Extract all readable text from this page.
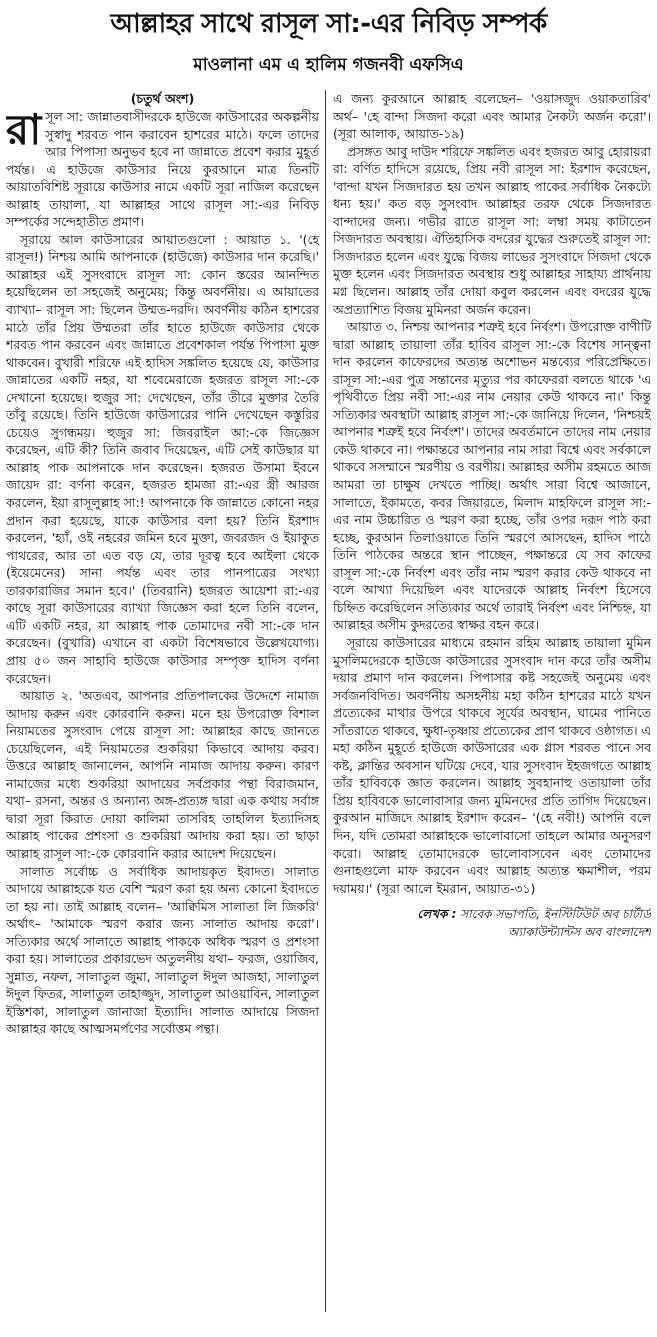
আল্লাহর সাথে রাসূল সা:-এর নিবিড় সম্পর্ক
মাওলানা এম এ হালিম গজনবী এফসিএ
(চতুর্থ অংশ)

রাসূল সা: জান্নাতবাসীদরকে হাউজে কাউসারের অকল্পনীয় সুস্বাদু শরবত পান করাবেন হাশরের মাঠে। ফলে তাদের আর পিপাসা অনুভব হবে না জান্নাতে প্রবেশ করার মুহূর্ত পর্যন্ত। এ হাউজে কাউসার নিয়ে কুরআনে মাত্র তিনটি আয়াতবিশিষ্ট সূরায়ে কাউসার নামে একটি সূরা নাজিল করেছেন আল্লাহ তায়ালা, যা আল্লাহর সাথে রাসূল সা:-এর নিবিড় সম্পর্কের সন্দেহাতীত প্রমাণ।

সূরায়ে আল কাউসারের আয়াতগুলো : আয়াত ১. '(হে রাসূল!) নিশ্চয় আমি আপনাকে (হাউজে) কাউসার দান করেছি।' আল্লাহর এই সুসংবাদে রাসূল সা: কোন স্তরের আনন্দিত হয়েছিলেন তা সহজেই অনুমেয়; কিন্তু অবর্ণনীয়। এ আয়াতের ব্যাখ্যা– রাসূল সা: ছিলেন উম্মত-দরদি। অবর্ণনীয় কঠিন হাশরের মাঠে তাঁর প্রিয় উম্মতরা তাঁর হাতে হাউজে কাউসার থেকে শরবত পান করবেন এবং জান্নাতে প্রবেশকাল পর্যন্ত পিপাসা মুক্ত থাকবেন। বুখারী শরিফে এই হাদিস সঙ্কলিত হয়েছে যে, কাউসার জান্নাতের একটি নহর, যা শবেমেরাজে হজরত রাসূল সা:-কে দেখানো হয়েছে। হুজুর সা: দেখেছেন, তাঁর তীরে মুক্তার তৈরি তাঁবু রয়েছে। তিনি হাউজে কাউসারের পানি দেখেছেন কস্তুরির চেয়েও সুগন্ধময়। হুজুর সা: জিবরাইল আ:-কে জিজ্ঞেস করেছেন, এটি কী? তিনি জবাব দিয়েছেন, এটি সেই কাউছার যা আল্লাহ পাক আপনাকে দান করেছেন। হজরত উসামা ইবনে জায়েদ রা: বর্ণনা করেন, হজরত হামজা রা:-এর স্ত্রী আরজ করলেন, ইয়া রাসূলুল্লাহ সা:! আপনাকে কি জান্নাতে কোনো নহর প্রদান করা হয়েছে, যাকে কাউসার বলা হয়? তিনি ইরশাদ করলেন, 'হ্যাঁ, ওই নহরের জমিন হবে মুক্তা, জবরজদ ও ইয়াকুত পাথরের, আর তা এত বড় যে, তার দূরত্ব হবে আইলা থেকে (ইয়েমেনের) সানা পর্যন্ত এবং তার পানপাত্রের সংখ্যা তারকারাজির সমান হবে।' (তিবরানি) হজরত আয়েশা রা:-এর কাছে সূরা কাউসারের ব্যাখ্যা জিজ্ঞেস করা হলে তিনি বলেন, এটি একটি নহর, যা আল্লাহ পাক তোমাদের নবী সা:-কে দান করেছেন। (বুখারি) এখানে বা একটা বিশেষভাবে উল্লেখযোগ্য। প্রায় ৫০ জন সাহাবি হাউজে কাউসার সম্পৃক্ত হাদিস বর্ণনা করেছেন।

আয়াত ২. 'অতএব, আপনার প্রতিপালকের উদ্দেশে নামাজ আদায় করুন এবং কোরবানি করুন। মনে হয় উপরোক্ত বিশাল নিয়ামতের সুসংবাদ পেয়ে রাসূল সা: আল্লাহর কাছে জানতে চেয়েছিলেন, এই নিয়ামতের শুকরিয়া কিভাবে আদায় করব। উত্তরে আল্লাহ জানালেন, আপনি নামাজ আদায় করুন। কারণ নামাজের মধ্যে শুকরিয়া আদায়ের সর্বপ্রকার পন্থা বিরাজমান, যথা– রসনা, অন্তর ও অন্যান্য অঙ্গ-প্রত্যঙ্গ দ্বারা এক কথায় সর্বাঙ্গ দ্বারা সূরা কিরাত দোয়া কালিমা তাসবিহ তাহলিল ইত্যাদিসহ আল্লাহ পাকের প্রশংসা ও শুকরিয়া আদায় করা হয়। তা ছাড়া আল্লাহ রাসূল সা:-কে কোরবানি করার আদেশ দিয়েছেন।

সালাত সর্বোচ্চ ও সর্বাধিক আদায়কৃত ইবাদত। সালাত আদায়ে আল্লাহকে যত বেশি স্মরণ করা হয় অন্য কোনো ইবাদতে তা হয় না। তাই আল্লাহ বলেন– 'আক্বিমিস সালাতা লি জিকরি' অর্থাৎ– 'আমাকে স্মরণ করার জন্য সালাত আদায় করো'। সত্যিকার অর্থে সালাতে আল্লাহ পাককে অধিক স্মরণ ও প্রশংসা করা হয়। সালাতের প্রকারভেদ অতুলনীয় যথা– ফরজ, ওয়াজিব, সুন্নাত, নফল, সালাতুল জুমা, সালাতুল ঈদুল আজহা, সালাতুল ঈদুল ফিতর, সালাতুল তাহাজ্জুদ, সালাতুল আওয়াবিন, সালাতুল ইস্তিশকা, সালাতুল জানাজা ইত্যাদি। সালাত আদায়ে সিজদা আল্লাহর কাছে আত্মসমর্পণের সর্বোত্তম পন্থা।

এ জন্য কুরআনে আল্লাহ বলেছেন– 'ওয়াসজুদ ওয়াকতারিব' অর্থ– 'হে বান্দা সিজদা করো এবং আমার নৈকট্য অর্জন করো'। (সূরা আলাক, আয়াত-১৯)

প্রসঙ্গত আবু দাউদ শরিফে সঙ্কলিত এবং হজরত আবু হোরায়রা রা: বর্ণিত হাদিসে রয়েছে, প্রিয় নবী রাসূল সা: ইরশাদ করেছেন, 'বান্দা যখন সিজদারত হয় তখন আল্লাহ পাকের সর্বাধিক নৈকট্যে ধন্য হয়।' কত বড় সুসংবাদ আল্লাহর তরফ থেকে সিজদারত বান্দাদের জন্য। গভীর রাতে রাসূল সা: লম্বা সময় কাটাতেন সিজদারত অবস্থায়। ঐতিহাসিক বদরের যুদ্ধের শুরুতেই রাসূল সা: সিজদারত হলেন এবং যুদ্ধে বিজয় লাভের সুসংবাদে সিজদা থেকে মুক্ত হলেন এবং সিজদারত অবস্থায় শুধু আল্লাহর সাহায্য প্রার্থনায় মগ্ন ছিলেন। আল্লাহ তাঁর দোয়া কবুল করলেন এবং বদরের যুদ্ধে অপ্রত্যাশিত বিজয় মুমিনরা অর্জন করেন।

আয়াত ৩. নিশ্চয় আপনার শত্রুই হবে নির্বংশ। উপরোক্ত বাণীটি দ্বারা আল্লাহ তায়ালা তাঁর হাবিব রাসূল সা:-কে বিশেষ সান্ত্বনা দান করলেন কাফেরদের অত্যন্ত অশোভন মন্তব্যের পরিপ্রেক্ষিতে। রাসূল সা:-এর পুত্র সন্তানের মৃত্যুর পর কাফেররা বলতে থাকে 'এ পৃথিবীতে প্রিয় নবী সা:-এর নাম নেয়ার কেউ থাকবে না।' কিন্তু সত্যিকার অবস্থাটা আল্লাহ রাসূল সা:-কে জানিয়ে দিলেন, 'নিশ্চয়ই আপনার শত্রুই হবে নির্বংশ'। তাদের অবর্তমানে তাদের নাম নেয়ার কেউ থাকবে না। পক্ষান্তরে আপনার নাম সারা বিশ্বে এবং সর্বকালে থাকবে সসম্মানে স্মরণীয় ও বরণীয়। আল্লাহর অসীম রহমতে আজ আমরা তা চাক্ষুষ দেখতে পাচ্ছি। অর্থাৎ সারা বিশ্বে আজানে, সালাতে, ইকামতে, কবর জিয়ারতে, মিলাদ মাহফিলে রাসূল সা:-এর নাম উচ্চারিত ও স্মরণ করা হচ্ছে, তাঁর ওপর দরূদ পাঠ করা হচ্ছে, কুরআন তিলাওয়াতে তিনি স্মরণে আসছেন, হাদিস পাঠে তিনি পাঠকের অন্তরে স্থান পাচ্ছেন, পক্ষান্তরে যে সব কাফের রাসূল সা:-কে নির্বংশ এবং তাঁর নাম স্মরণ করার কেউ থাকবে না বলে আখ্যা দিয়েছিল এবং যাদেরকে আল্লাহ নির্বংশ হিসেবে চিহ্নিত করেছিলেন সত্যিকার অর্থে তারাই নির্বংশ এবং নিশ্চিহ্ন, যা আল্লাহর অসীম কুদরতের স্বাক্ষর বহন করে।

সূরায়ে কাউসারের মাধ্যমে রহমান রহিম আল্লাহ তায়ালা মুমিন মুসলিমদেরকে হাউজে কাউসারের সুসংবাদ দান করে তাঁর অসীম দয়ার প্রমাণ দান করলেন। পিপাসার কষ্ট সহজেই অনুমেয় এবং সর্বজনবিদিত। অবর্ণনীয় অসহনীয় মহা কঠিন হাশরের মাঠে যখন প্রত্যেকের মাথার উপরে থাকবে সূর্যের অবস্থান, ঘামের পানিতে সাঁতরাতে থাকবে, ক্ষুধা-তৃষ্ণায় প্রত্যেকের প্রাণ থাকবে ওষ্ঠাগত। এ মহা কঠিন মুহূর্তে হাউজে কাউসারের এক গ্লাস শরবত পানে সব কষ্ট, ক্লান্তির অবসান ঘটিয়ে দেবে, যার সুসংবাদ ইহজগতে আল্লাহ তাঁর হাবিবকে জ্ঞাত করলেন। আল্লাহ সুবহানাহু ওতায়ালা তাঁর প্রিয় হাবিবকে ভালোবাসার জন্য মুমিনদের প্রতি তাগিদ দিয়েছেন। কুরআন মাজিদে আল্লাহ ইরশাদ করেন– '(হে নবী!) আপনি বলে দিন, যদি তোমরা আল্লাহকে ভালোবাসো তাহলে আমার অনুসরণ করো। আল্লাহ তোমাদেরকে ভালোবাসবেন এবং তোমাদের গুনাহগুলো মাফ করবেন এবং আল্লাহ অত্যন্ত ক্ষমাশীল, পরম দয়াময়।' (সূরা আলে ইমরান, আয়াত-৩১)

লেখক : সাবেক সভাপতি, ইনস্টিটিউট অব চার্টার্ড
অ্যাকাউন্ট্যান্টস অব বাংলাদেশ
